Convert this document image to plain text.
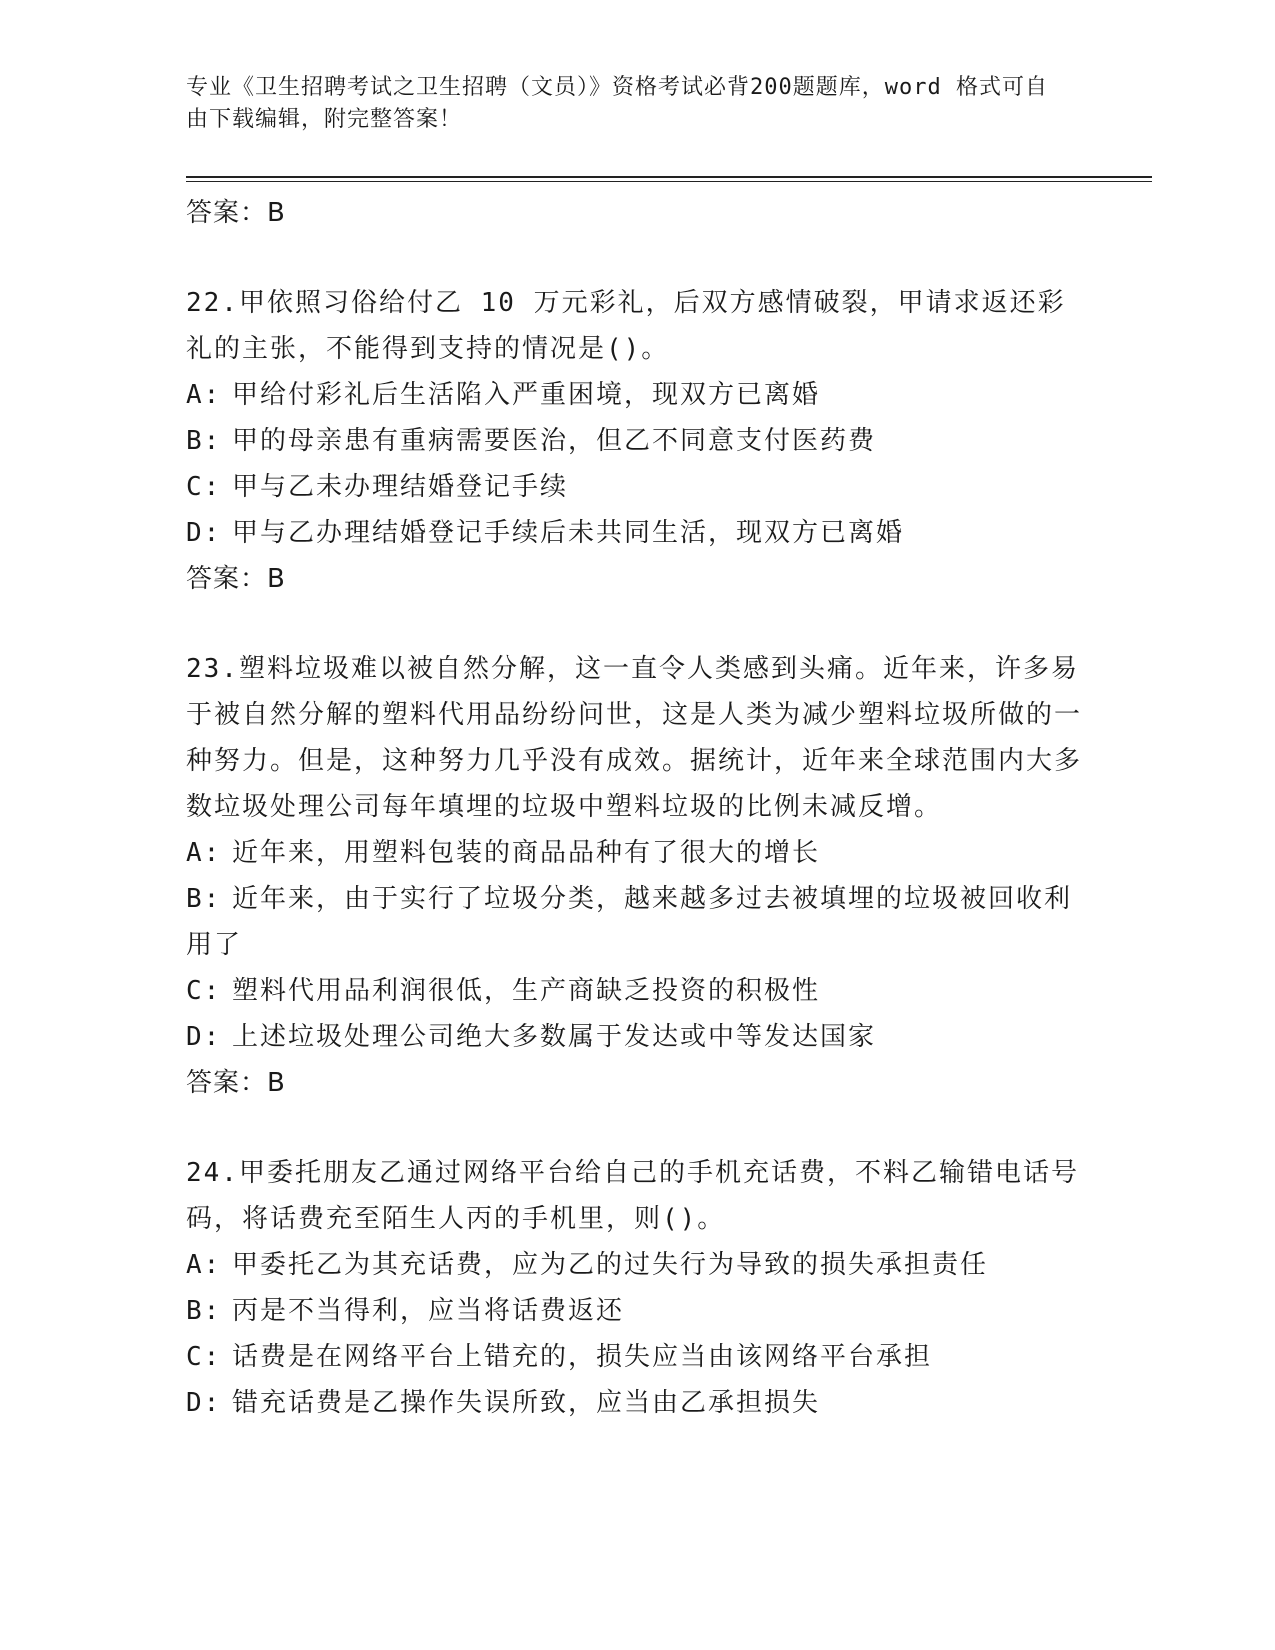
专业《卫生招聘考试之卫生招聘（文员）》资格考试必背200题题库，word 格式可自由下载编辑，附完整答案！
答案：B
22.甲依照习俗给付乙 10 万元彩礼，后双方感情破裂，甲请求返还彩礼的主张，不能得到支持的情况是()。
A: 甲给付彩礼后生活陷入严重困境，现双方已离婚
B: 甲的母亲患有重病需要医治，但乙不同意支付医药费
C: 甲与乙未办理结婚登记手续
D: 甲与乙办理结婚登记手续后未共同生活，现双方已离婚
答案：B
23.塑料垃圾难以被自然分解，这一直令人类感到头痛。近年来，许多易于被自然分解的塑料代用品纷纷问世，这是人类为减少塑料垃圾所做的一种努力。但是，这种努力几乎没有成效。据统计，近年来全球范围内大多数垃圾处理公司每年填埋的垃圾中塑料垃圾的比例未减反增。
A: 近年来，用塑料包装的商品品种有了很大的增长
B: 近年来，由于实行了垃圾分类，越来越多过去被填埋的垃圾被回收利用了
C: 塑料代用品利润很低，生产商缺乏投资的积极性
D: 上述垃圾处理公司绝大多数属于发达或中等发达国家
答案：B
24.甲委托朋友乙通过网络平台给自己的手机充话费，不料乙输错电话号码，将话费充至陌生人丙的手机里，则()。
A: 甲委托乙为其充话费，应为乙的过失行为导致的损失承担责任
B: 丙是不当得利，应当将话费返还
C: 话费是在网络平台上错充的，损失应当由该网络平台承担
D: 错充话费是乙操作失误所致，应当由乙承担损失
